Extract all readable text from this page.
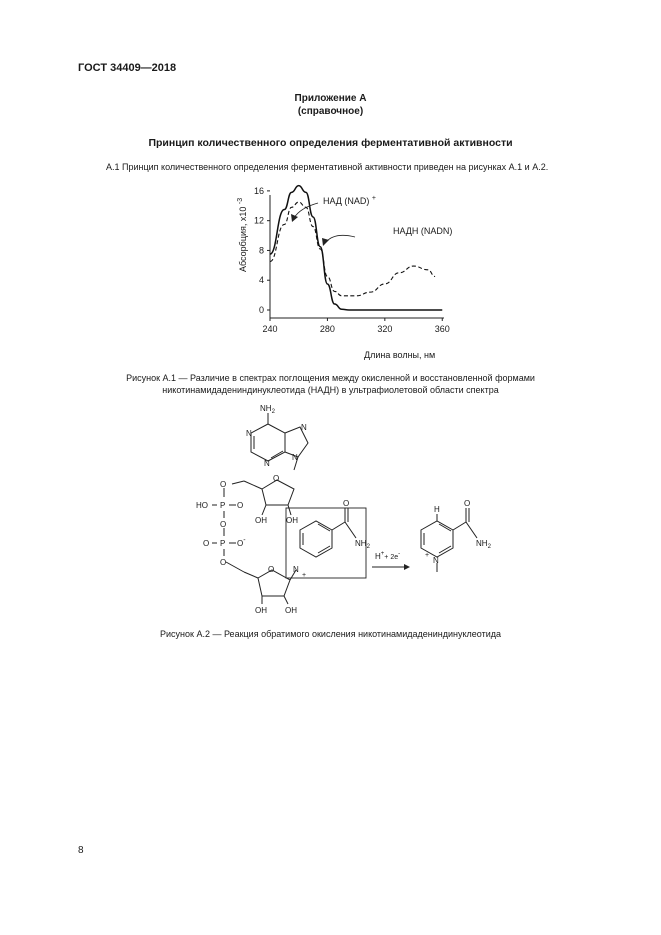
ГОСТ 34409—2018
Приложение А
(справочное)
Принцип количественного определения ферментативной активности
А.1 Принцип количественного определения ферментативной активности приведен на рисунках А.1 и А.2.
240	280	320	360
0
4
8
12
16
НАД (NAD) +
НАДН (NADN)
Абсорбция, x10 $^{-3}$
Длина волны, нм
Рисунок А.1 — Различие в спектрах поглощения между окисленной и восстановленной формами
никотинамидадениндинуклеотида (НАДН) в ультрафиолетовой области спектра
$NH_2$
N
N
N
N
O
O
HO P O
O
O P O-
O
OH OH
O
OH OH
N
+
O
$NH_2$
H
O
$NH_2$
N
+
H++ 2e-
Рисунок А.2 — Реакция обратимого окисления никотинамидадениндинуклеотида
8
